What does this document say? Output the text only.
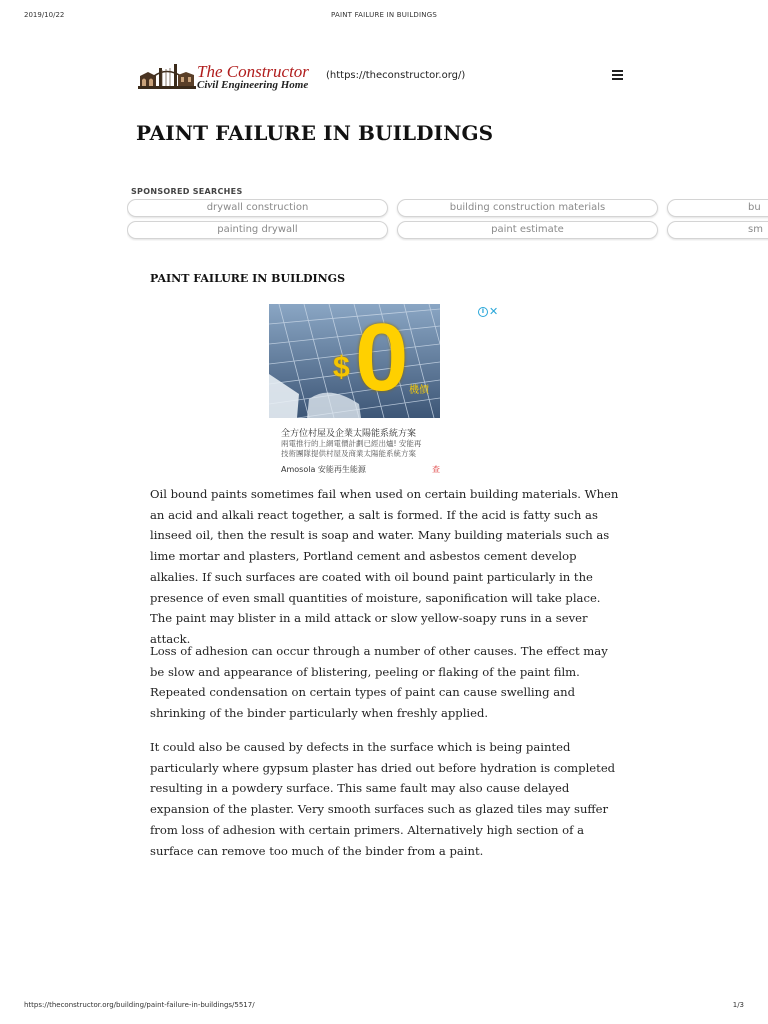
2019/10/22	PAINT FAILURE IN BUILDINGS
The Constructor
Civil Engineering Home
(https://theconstructor.org/)
PAINT FAILURE IN BUILDINGS
SPONSORED SEARCHES
drywall construction	building construction materials	bu
painting drywall	paint estimate	sm
PAINT FAILURE IN BUILDINGS
$ 0 機價
i ✕
全方位村屋及企業太陽能系統方案
兩電推行的上網電價計劃已經出爐! 安能再
技術團隊提供村屋及商業太陽能系統方案
Amosola 安能再生能源	查

Oil bound paints sometimes fail when used on certain building materials. When an acid and alkali react together, a salt is formed. If the acid is fatty such as linseed oil, then the result is soap and water. Many building materials such as lime mortar and plasters, Portland cement and asbestos cement develop alkalies. If such surfaces are coated with oil bound paint particularly in the presence of even small quantities of moisture, saponification will take place. The paint may blister in a mild attack or slow yellow-soapy runs in a sever attack.

Loss of adhesion can occur through a number of other causes. The effect may be slow and appearance of blistering, peeling or flaking of the paint film. Repeated condensation on certain types of paint can cause swelling and shrinking of the binder particularly when freshly applied.

It could also be caused by defects in the surface which is being painted particularly where gypsum plaster has dried out before hydration is completed resulting in a powdery surface. This same fault may also cause delayed expansion of the plaster. Very smooth surfaces such as glazed tiles may suffer from loss of adhesion with certain primers. Alternatively high section of a surface can remove too much of the binder from a paint.

https://theconstructor.org/building/paint-failure-in-buildings/5517/	1/3
